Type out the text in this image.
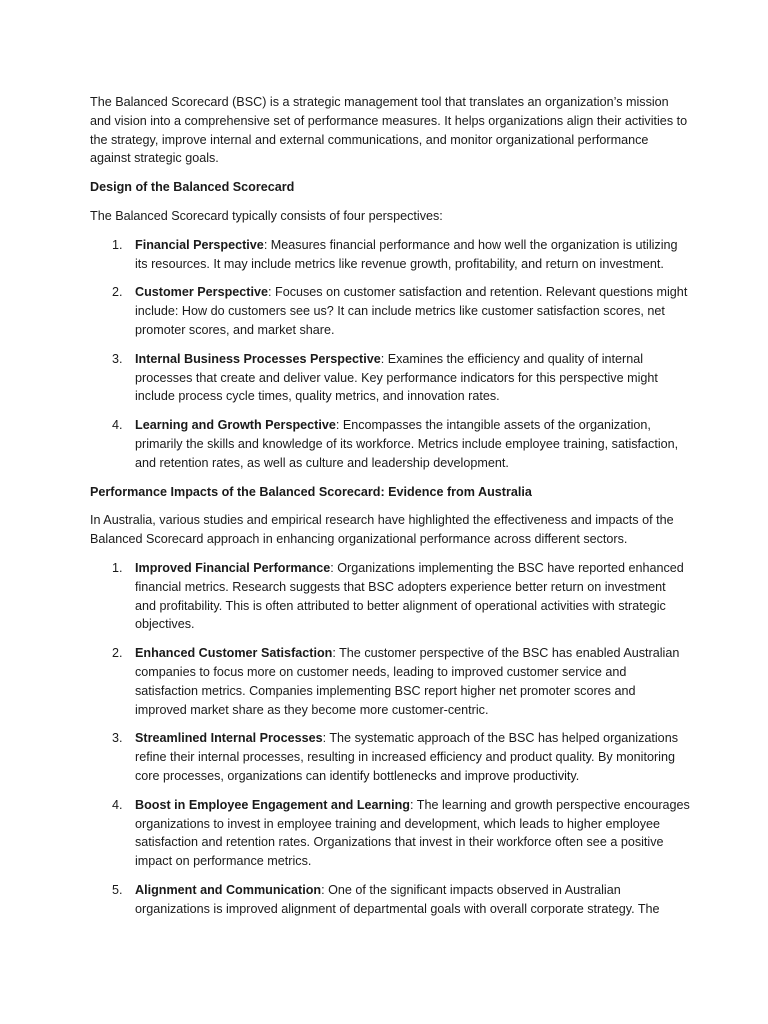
The Balanced Scorecard (BSC) is a strategic management tool that translates an organization’s mission and vision into a comprehensive set of performance measures. It helps organizations align their activities to the strategy, improve internal and external communications, and monitor organizational performance against strategic goals.

Design of the Balanced Scorecard

The Balanced Scorecard typically consists of four perspectives:

1. Financial Perspective: Measures financial performance and how well the organization is utilizing its resources. It may include metrics like revenue growth, profitability, and return on investment.
2. Customer Perspective: Focuses on customer satisfaction and retention. Relevant questions might include: How do customers see us? It can include metrics like customer satisfaction scores, net promoter scores, and market share.
3. Internal Business Processes Perspective: Examines the efficiency and quality of internal processes that create and deliver value. Key performance indicators for this perspective might include process cycle times, quality metrics, and innovation rates.
4. Learning and Growth Perspective: Encompasses the intangible assets of the organization, primarily the skills and knowledge of its workforce. Metrics include employee training, satisfaction, and retention rates, as well as culture and leadership development.

Performance Impacts of the Balanced Scorecard: Evidence from Australia

In Australia, various studies and empirical research have highlighted the effectiveness and impacts of the Balanced Scorecard approach in enhancing organizational performance across different sectors.

1. Improved Financial Performance: Organizations implementing the BSC have reported enhanced financial metrics. Research suggests that BSC adopters experience better return on investment and profitability. This is often attributed to better alignment of operational activities with strategic objectives.
2. Enhanced Customer Satisfaction: The customer perspective of the BSC has enabled Australian companies to focus more on customer needs, leading to improved customer service and satisfaction metrics. Companies implementing BSC report higher net promoter scores and improved market share as they become more customer-centric.
3. Streamlined Internal Processes: The systematic approach of the BSC has helped organizations refine their internal processes, resulting in increased efficiency and product quality. By monitoring core processes, organizations can identify bottlenecks and improve productivity.
4. Boost in Employee Engagement and Learning: The learning and growth perspective encourages organizations to invest in employee training and development, which leads to higher employee satisfaction and retention rates. Organizations that invest in their workforce often see a positive impact on performance metrics.
5. Alignment and Communication: One of the significant impacts observed in Australian organizations is improved alignment of departmental goals with overall corporate strategy. The
